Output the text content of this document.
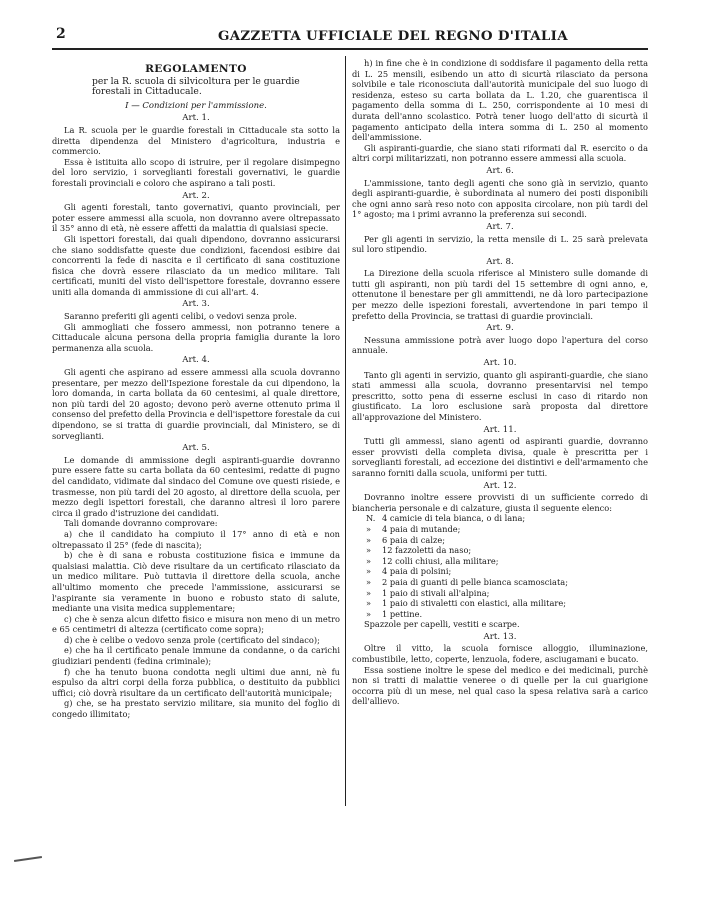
2	GAZZETTA UFFICIALE DEL REGNO D'ITALIA
REGOLAMENTO

per la R. scuola di silvicoltura per le guardie forestali in Cittaducale.

I — Condizioni per l'ammissione.
Art. 1.

La R. scuola per le guardie forestali in Cittaducale sta sotto la diretta dipendenza del Ministero d'agricoltura, industria e commercio.

Essa è istituita allo scopo di istruire, per il regolare disimpegno del loro servizio, i sorveglianti forestali governativi, le guardie forestali provinciali e coloro che aspirano a tali posti.

Art. 2.

Gli agenti forestali, tanto governativi, quanto provinciali, per poter essere ammessi alla scuola, non dovranno avere oltrepassato il 35° anno di età, nè essere affetti da malattia di qualsiasi specie.

Gli ispettori forestali, dai quali dipendono, dovranno assicurarsi che siano soddisfatte queste due condizioni, facendosi esibire dai concorrenti la fede di nascita e il certificato di sana costituzione fisica che dovrà essere rilasciato da un medico militare. Tali certificati, muniti del visto dell'ispettore forestale, dovranno essere uniti alla domanda di ammissione di cui all'art. 4.

Art. 3.

Saranno preferiti gli agenti celibi, o vedovi senza prole.

Gli ammogliati che fossero ammessi, non potranno tenere a Cittaducale alcuna persona della propria famiglia durante la loro permanenza alla scuola.

Art. 4.

Gli agenti che aspirano ad essere ammessi alla scuola dovranno presentare, per mezzo dell'Ispezione forestale da cui dipendono, la loro domanda, in carta bollata da 60 centesimi, al quale direttore, non più tardi del 20 agosto; devono però averne ottenuto prima il consenso del prefetto della Provincia e dell'ispettore forestale da cui dipendono, se si tratta di guardie provinciali, dal Ministero, se di sorveglianti.

Art. 5.

Le domande di ammissione degli aspiranti-guardie dovranno pure essere fatte su carta bollata da 60 centesimi, redatte di pugno del candidato, vidimate dal sindaco del Comune ove questi risiede, e trasmesse, non più tardi del 20 agosto, al direttore della scuola, per mezzo degli ispettori forestali, che daranno altresì il loro parere circa il grado d'istruzione dei candidati.

Tali domande dovranno comprovare:

a) che il candidato ha compiuto il 17° anno di età e non oltrepassato il 25° (fede di nascita);

b) che è di sana e robusta costituzione fisica e immune da qualsiasi malattia. Ciò deve risultare da un certificato rilasciato da un medico militare. Può tuttavia il direttore della scuola, anche all'ultimo momento che precede l'ammissione, assicurarsi se l'aspirante sia veramente in buono e robusto stato di salute, mediante una visita medica supplementare;

c) che è senza alcun difetto fisico e misura non meno di un metro e 65 centimetri di altezza (certificato come sopra);

d) che è celibe o vedovo senza prole (certificato del sindaco);

e) che ha il certificato penale immune da condanne, o da carichi giudiziari pendenti (fedina criminale);

f) che ha tenuto buona condotta negli ultimi due anni, nè fu espulso da altri corpi della forza pubblica, o destituito da pubblici uffici; ciò dovrà risultare da un certificato dell'autorità municipale;

g) che, se ha prestato servizio militare, sia munito del foglio di congedo illimitato;

h) in fine che è in condizione di soddisfare il pagamento della retta di L. 25 mensili, esibendo un atto di sicurtà rilasciato da persona solvibile e tale riconosciuta dall'autorità municipale del suo luogo di residenza, esteso su carta bollata da L. 1.20, che guarentisca il pagamento della somma di L. 250, corrispondente ai 10 mesi di durata dell'anno scolastico. Potrà tener luogo dell'atto di sicurtà il pagamento anticipato della intera somma di L. 250 al momento dell'ammissione.

Gli aspiranti-guardie, che siano stati riformati dal R. esercito o da altri corpi militarizzati, non potranno essere ammessi alla scuola.

Art. 6.

L'ammissione, tanto degli agenti che sono già in servizio, quanto degli aspiranti-guardie, è subordinata al numero dei posti disponibili che ogni anno sarà reso noto con apposita circolare, non più tardi del 1° agosto; ma i primi avranno la preferenza sui secondi.

Art. 7.

Per gli agenti in servizio, la retta mensile di L. 25 sarà prelevata sul loro stipendio.

Art. 8.

La Direzione della scuola riferisce al Ministero sulle domande di tutti gli aspiranti, non più tardi del 15 settembre di ogni anno, e, ottenutone il benestare per gli ammittendi, ne dà loro partecipazione per mezzo delle ispezioni forestali, avvertendone in pari tempo il prefetto della Provincia, se trattasi di guardie provinciali.

Art. 9.

Nessuna ammissione potrà aver luogo dopo l'apertura del corso annuale.

Art. 10.

Tanto gli agenti in servizio, quanto gli aspiranti-guardie, che siano stati ammessi alla scuola, dovranno presentarvisi nel tempo prescritto, sotto pena di esserne esclusi in caso di ritardo non giustificato. La loro esclusione sarà proposta dal direttore all'approvazione del Ministero.

Art. 11.

Tutti gli ammessi, siano agenti od aspiranti guardie, dovranno esser provvisti della completa divisa, quale è prescritta per i sorveglianti forestali, ad eccezione dei distintivi e dell'armamento che saranno forniti dalla scuola, uniformi per tutti.

Art. 12.

Dovranno inoltre essere provvisti di un sufficiente corredo di biancheria personale e di calzature, giusta il seguente elenco:

N. 4 camicie di tela bianca, o di lana;
» 4 paia di mutande;
» 6 paia di calze;
» 12 fazzoletti da naso;
» 12 colli chiusi, alla militare;
» 4 paia di polsini;
» 2 paia di guanti di pelle bianca scamosciata;
» 1 paio di stivali all'alpina;
» 1 paio di stivaletti con elastici, alla militare;
» 1 pettine.

Spazzole per capelli, vestiti e scarpe.

Art. 13.

Oltre il vitto, la scuola fornisce alloggio, illuminazione, combustibile, letto, coperte, lenzuola, fodere, asciugamani e bucato.

Essa sostiene inoltre le spese del medico e dei medicinali, purchè non si tratti di malattie veneree o di quelle per la cui guarigione occorra più di un mese, nel qual caso la spesa relativa sarà a carico dell'allievo.
